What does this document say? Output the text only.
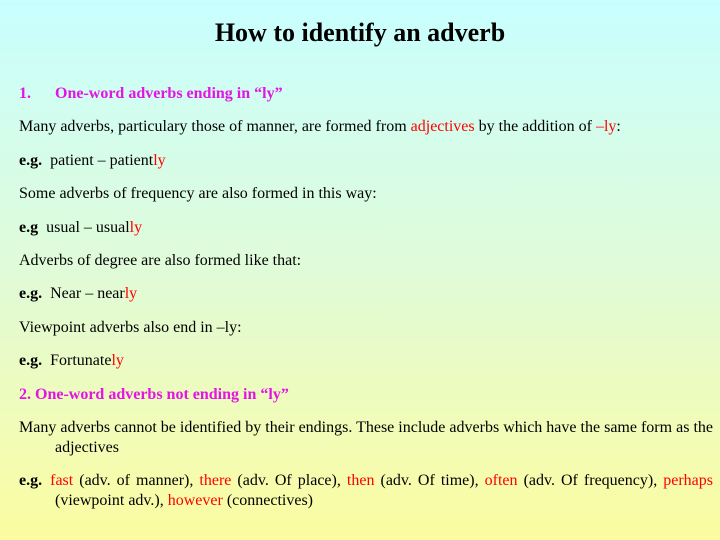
How to identify an adverb

1. One-word adverbs ending in “ly”

Many adverbs, particulary those of manner, are formed from adjectives by the addition of –ly:

e.g.  patient – patiently

Some adverbs of frequency are also formed in this way:

e.g  usual – usually

Adverbs of degree are also formed like that:

e.g.  Near – nearly

Viewpoint adverbs also end in –ly:

e.g.  Fortunately

2. One-word adverbs not ending in “ly”

Many adverbs cannot be identified by their endings. These include adverbs which have the same form as the adjectives

e.g. fast (adv. of manner), there (adv. Of place), then (adv. Of time), often (adv. Of frequency), perhaps (viewpoint adv.), however (connectives)
